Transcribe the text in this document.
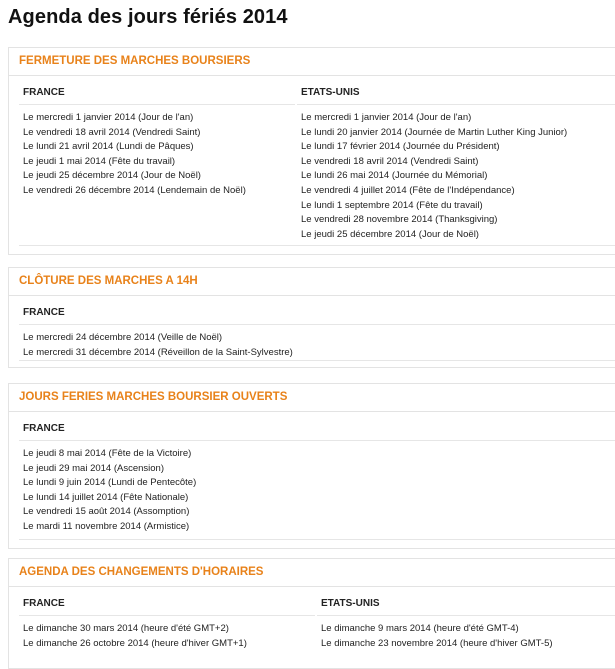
Agenda des jours fériés 2014
FERMETURE DES MARCHES BOURSIERS
FRANCE
Le mercredi 1 janvier 2014 (Jour de l'an)
Le vendredi 18 avril 2014 (Vendredi Saint)
Le lundi 21 avril 2014 (Lundi de Pâques)
Le jeudi 1 mai 2014 (Fête du travail)
Le jeudi 25 décembre 2014 (Jour de Noël)
Le vendredi 26 décembre 2014 (Lendemain de Noël)
ETATS-UNIS
Le mercredi 1 janvier 2014 (Jour de l'an)
Le lundi 20 janvier 2014 (Journée de Martin Luther King Junior)
Le lundi 17 février 2014 (Journée du Président)
Le vendredi 18 avril 2014 (Vendredi Saint)
Le lundi 26 mai 2014 (Journée du Mémorial)
Le vendredi 4 juillet 2014 (Fête de l'Indépendance)
Le lundi 1 septembre 2014 (Fête du travail)
Le vendredi 28 novembre 2014 (Thanksgiving)
Le jeudi 25 décembre 2014 (Jour de Noël)
CLÔTURE DES MARCHES A 14H
FRANCE
Le mercredi 24 décembre 2014 (Veille de Noël)
Le mercredi 31 décembre 2014 (Réveillon de la Saint-Sylvestre)
JOURS FERIES MARCHES BOURSIER OUVERTS
FRANCE
Le jeudi 8 mai 2014 (Fête de la Victoire)
Le jeudi 29 mai 2014 (Ascension)
Le lundi 9 juin 2014 (Lundi de Pentecôte)
Le lundi 14 juillet 2014 (Fête Nationale)
Le vendredi 15 août 2014 (Assomption)
Le mardi 11 novembre 2014 (Armistice)
AGENDA DES CHANGEMENTS D'HORAIRES
FRANCE
Le dimanche 30 mars 2014 (heure d'été GMT+2)
Le dimanche 26 octobre 2014 (heure d'hiver GMT+1)
ETATS-UNIS
Le dimanche 9 mars 2014 (heure d'été GMT-4)
Le dimanche 23 novembre 2014 (heure d'hiver GMT-5)
